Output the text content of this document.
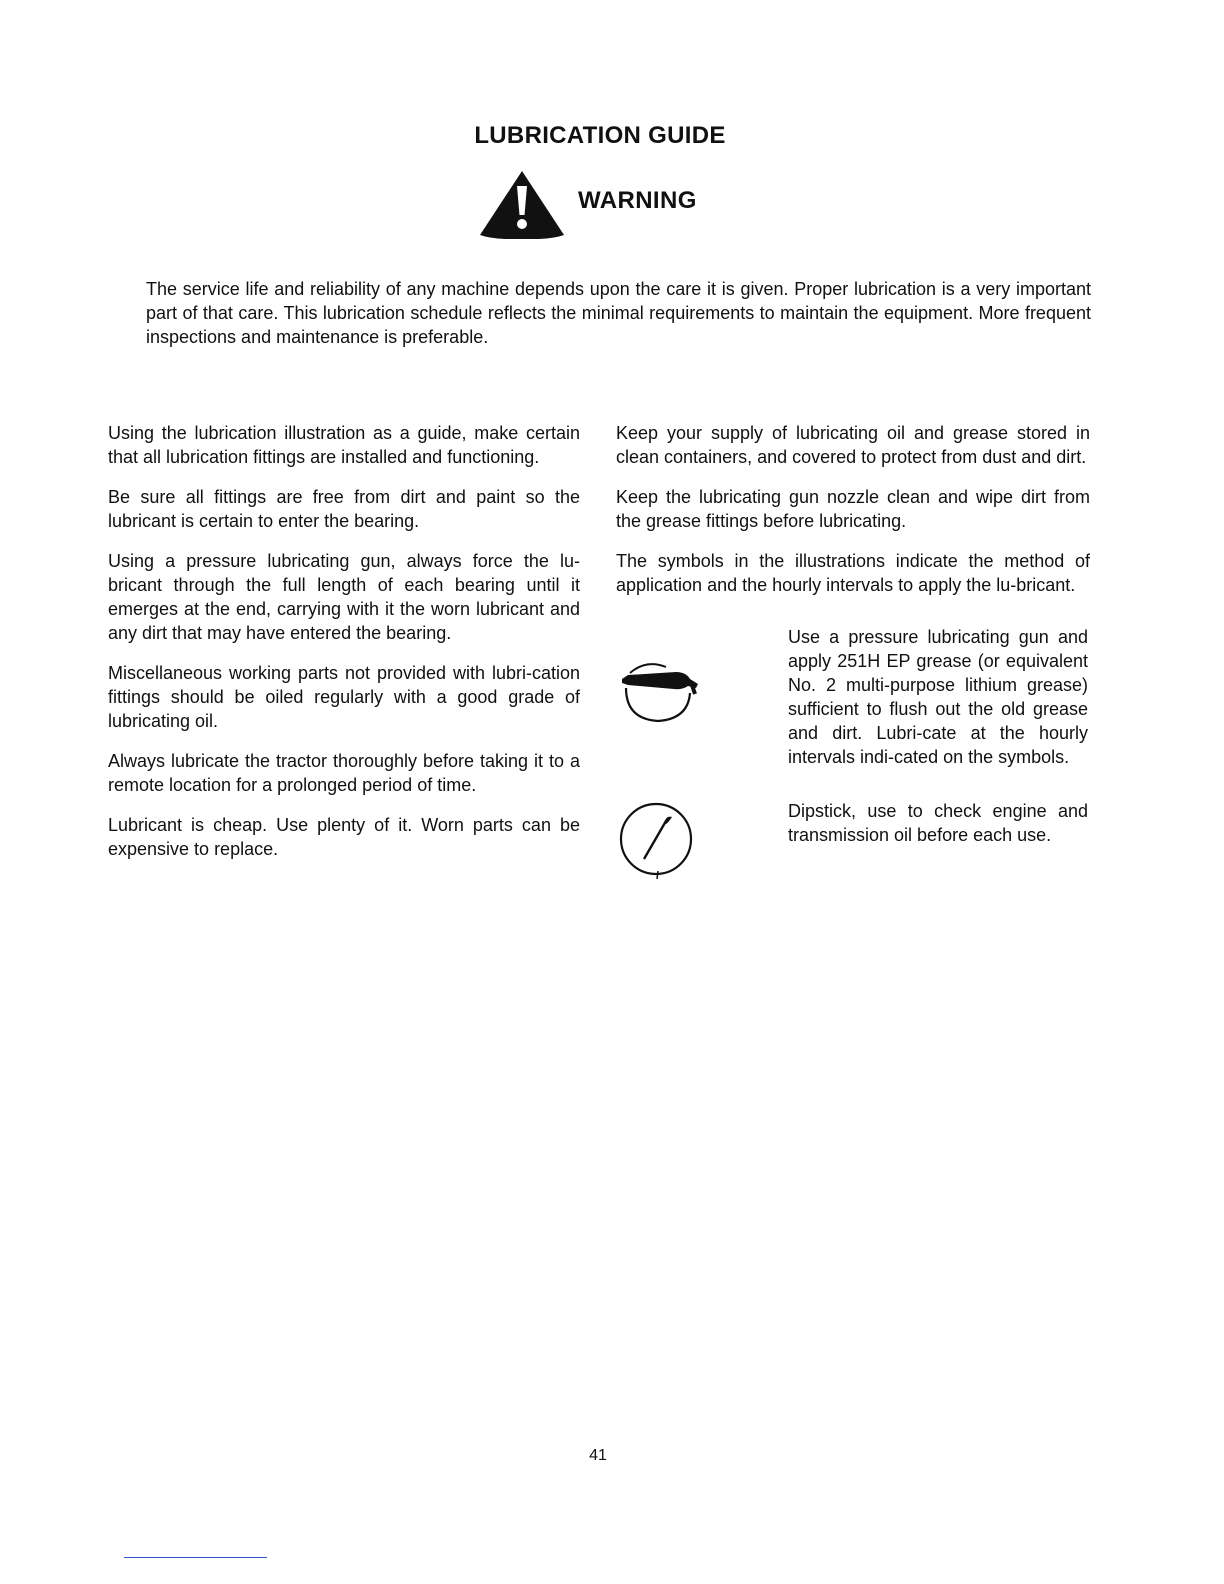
LUBRICATION GUIDE
WARNING

The service life and reliability of any machine depends upon the care it is given. Proper lubrication is a very important part of that care. This lubrication schedule reflects the minimal requirements to maintain the equipment. More frequent inspections and maintenance is preferable.

Using the lubrication illustration as a guide, make certain that all lubrication fittings are installed and functioning.

Be sure all fittings are free from dirt and paint so the lubricant is certain to enter the bearing.

Using a pressure lubricating gun, always force the lu-bricant through the full length of each bearing until it emerges at the end, carrying with it the worn lubricant and any dirt that may have entered the bearing.

Miscellaneous working parts not provided with lubri-cation fittings should be oiled regularly with a good grade of lubricating oil.

Always lubricate the tractor thoroughly before taking it to a remote location for a prolonged period of time.

Lubricant is cheap. Use plenty of it. Worn parts can be expensive to replace.

Keep your supply of lubricating oil and grease stored in clean containers, and covered to protect from dust and dirt.

Keep the lubricating gun nozzle clean and wipe dirt from the grease fittings before lubricating.

The symbols in the illustrations indicate the method of application and the hourly intervals to apply the lu-bricant.

Use a pressure lubricating gun and apply 251H EP grease (or equivalent No. 2 multi-purpose lithium grease) sufficient to flush out the old grease and dirt. Lubri-cate at the hourly intervals indi-cated on the symbols.

Dipstick, use to check engine and transmission oil before each use.

41
